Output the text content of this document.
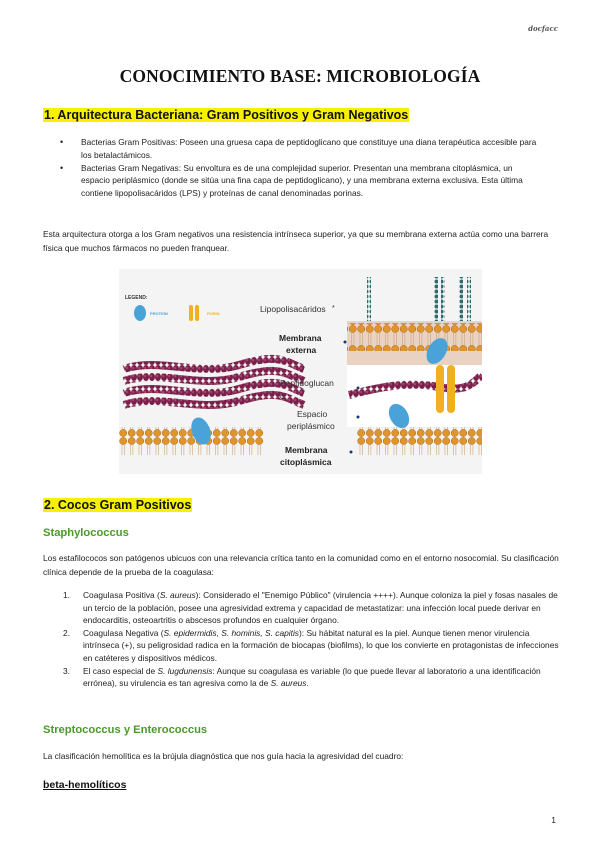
docfacc
CONOCIMIENTO BASE: MICROBIOLOGÍA
1. Arquitectura Bacteriana: Gram Positivos y Gram Negativos
• Bacterias Gram Positivas: Poseen una gruesa capa de peptidoglicano que constituye una diana terapéutica accesible para los betalactámicos.
• Bacterias Gram Negativas: Su envoltura es de una complejidad superior. Presentan una membrana citoplásmica, un espacio periplásmico (donde se sitúa una fina capa de peptidoglicano), y una membrana externa exclusiva. Esta última contiene lipopolisacáridos (LPS) y proteínas de canal denominadas porinas.
Esta arquitectura otorga a los Gram negativos una resistencia intrínseca superior, ya que su membrana externa actúa como una barrera física que muchos fármacos no pueden franquear.
LEGEND:
PROTEIN	PORIN	Lipopolisacáridos *
Membrana
externa
Peptidoglucan
o
Espacio
periplásmico
Membrana
citoplásmica
2. Cocos Gram Positivos
Staphylococcus
Los estafilococos son patógenos ubicuos con una relevancia crítica tanto en la comunidad como en el entorno nosocomial. Su clasificación clínica depende de la prueba de la coagulasa:
1. Coagulasa Positiva (S. aureus): Considerado el "Enemigo Público" (virulencia ++++). Aunque coloniza la piel y fosas nasales de un tercio de la población, posee una agresividad extrema y capacidad de metastatizar: una infección local puede derivar en endocarditis, osteoartritis o abscesos profundos en cualquier órgano.
2. Coagulasa Negativa (S. epidermidis, S. hominis, S. capitis): Su hábitat natural es la piel. Aunque tienen menor virulencia intrínseca (+), su peligrosidad radica en la formación de biocapas (biofilms), lo que los convierte en protagonistas de infecciones en catéteres y dispositivos médicos.
3. El caso especial de S. lugdunensis: Aunque su coagulasa es variable (lo que puede llevar al laboratorio a una identificación errónea), su virulencia es tan agresiva como la de S. aureus.
Streptococcus y Enterococcus
La clasificación hemolítica es la brújula diagnóstica que nos guía hacia la agresividad del cuadro:
beta-hemolíticos
1
